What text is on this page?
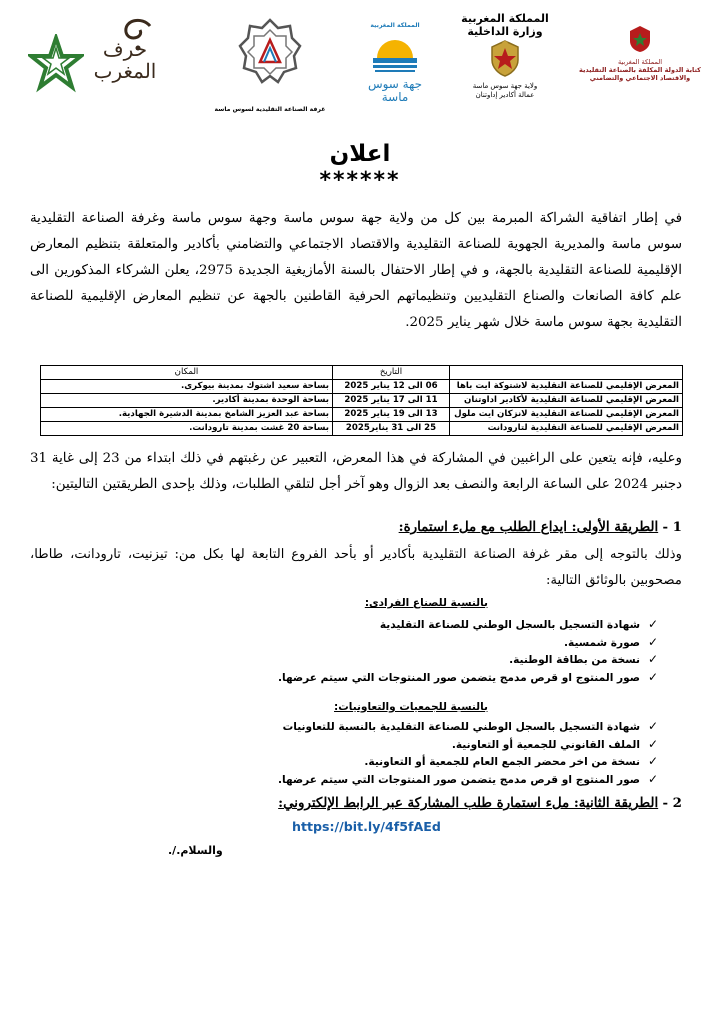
حرف المغرب
غرفة الصناعة التقليدية لسوس ماسة
المملكة المغربية
جهة سوس ماسة
المملكة المغربية
وزارة الداخلية
ولاية جهة سوس ماسة
عمالة أكادير إداوتنان
المملكة المغربية
كتابة الدولة المكلفة بالصناعة التقليدية والاقتصاد الاجتماعي والتضامني
اعلان
******

في إطار اتفاقية الشراكة المبرمة بين كل من ولاية جهة سوس ماسة وجهة سوس ماسة وغرفة الصناعة التقليدية سوس ماسة والمديرية الجهوية للصناعة التقليدية والاقتصاد الاجتماعي والتضامني بأكادير والمتعلقة بتنظيم المعارض الإقليمية للصناعة التقليدية بالجهة، و في إطار الاحتفال بالسنة الأمازيغية الجديدة 2975، يعلن الشركاء المذكورين الى علم كافة الصانعات والصناع التقليديين وتنظيماتهم الحرفية القاطنين بالجهة عن تنظيم المعارض الإقليمية للصناعة التقليدية بجهة سوس ماسة خلال شهر يناير 2025.

	التاريخ	المكان
المعرض الإقليمي للصناعة التقليدية لاشتوكة ايت باها	06 الى 12 يناير 2025	بساحة سعيد اشتوك بمدينة بيوكرى.
المعرض الإقليمي للصناعة التقليدية لأكادير اداوتنان	11 الى 17 يناير 2025	بساحة الوحدة بمدينة أكادير.
المعرض الإقليمي للصناعة التقليدية لانزكان ايت ملول	13 الى 19 يناير 2025	بساحة عبد العزيز الشامخ بمدينة الدشيرة الجهادية.
المعرض الإقليمي للصناعة التقليدية لتارودانت	25 الى 31 يناير2025	بساحة 20 غشت بمدينة تارودانت.

وعليه، فإنه يتعين على الراغبين في المشاركة في هذا المعرض، التعبير عن رغبتهم في ذلك ابتداء من 23 إلى غاية 31 دجنبر 2024 على الساعة الرابعة والنصف بعد الزوال وهو آخر أجل لتلقي الطلبات، وذلك بإحدى الطريقتين التاليتين:

1 - الطريقة الأولى: ايداع الطلب مع ملء استمارة:

وذلك بالتوجه إلى مقر غرفة الصناعة التقليدية بأكادير أو بأحد الفروع التابعة لها بكل من: تيزنيت، تارودانت، طاطا، مصحوبين بالوثائق التالية:

بالنسبة للصناع الفرادى:
✓شهادة التسجيل بالسجل الوطني للصناعة التقليدية
✓صورة شمسية.
✓نسخة من بطاقة الوطنية.
✓صور المنتوج او قرص مدمج يتضمن صور المنتوجات التي سيتم عرضها.
بالنسبة للجمعيات والتعاونيات:
✓شهادة التسجيل بالسجل الوطني للصناعة التقليدية بالنسبة للتعاونيات
✓الملف القانوني للجمعية أو التعاونية.
✓نسخة من اخر محضر الجمع العام للجمعية أو التعاونية.
✓صور المنتوج او قرص مدمج يتضمن صور المنتوجات التي سيتم عرضها.
2 - الطريقة الثانية: ملء استمارة طلب المشاركة عبر الرابط الإلكتروني:
https://bit.ly/4f5fAEd
والسلام./.
